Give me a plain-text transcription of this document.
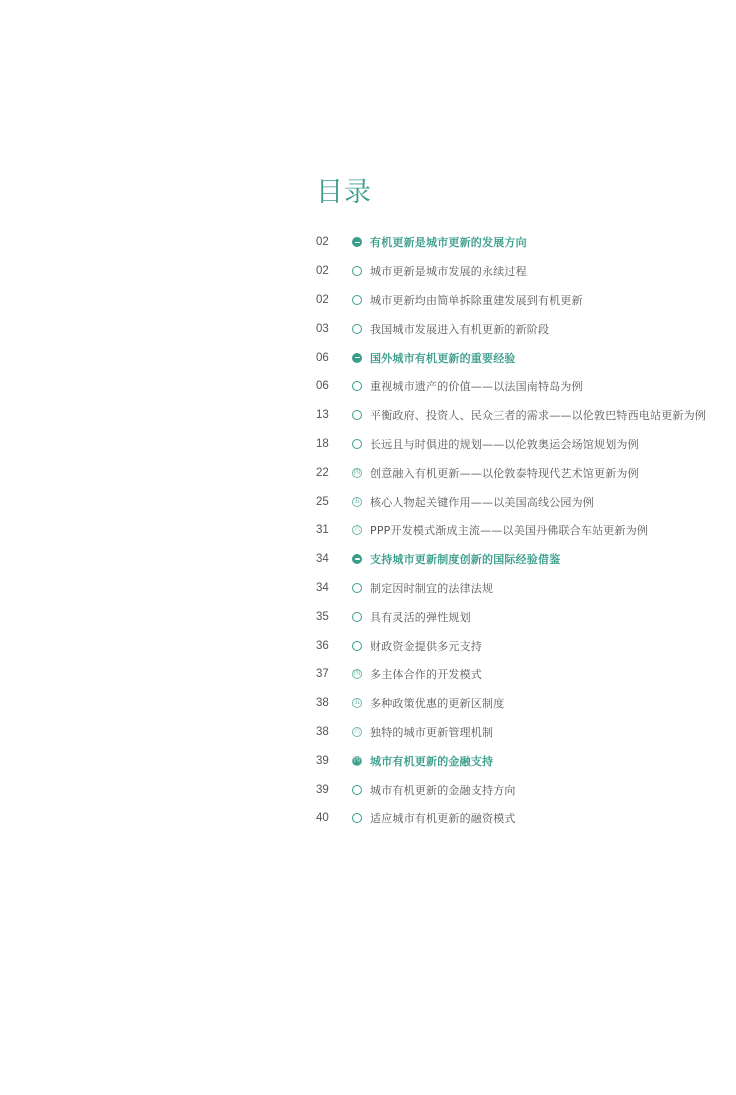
目录
02	有机更新是城市更新的发展方向
02	城市更新是城市发展的永续过程
02	城市更新均由简单拆除重建发展到有机更新
03	我国城市发展进入有机更新的新阶段
06	国外城市有机更新的重要经验
06	重视城市遗产的价值——以法国南特岛为例
13	平衡政府、投资人、民众三者的需求——以伦敦巴特西电站更新为例
18	长远且与时俱进的规划——以伦敦奥运会场馆规划为例
22	四 创意融入有机更新——以伦敦泰特现代艺术馆更新为例
25	五 核心人物起关键作用——以美国高线公园为例
31	六 PPP开发模式渐成主流——以美国丹佛联合车站更新为例
34	支持城市更新制度创新的国际经验借鉴
34	制定因时制宜的法律法规
35	具有灵活的弹性规划
36	财政资金提供多元支持
37	四 多主体合作的开发模式
38	五 多种政策优惠的更新区制度
38	六 独特的城市更新管理机制
39	四 城市有机更新的金融支持
39	城市有机更新的金融支持方向
40	适应城市有机更新的融资模式
